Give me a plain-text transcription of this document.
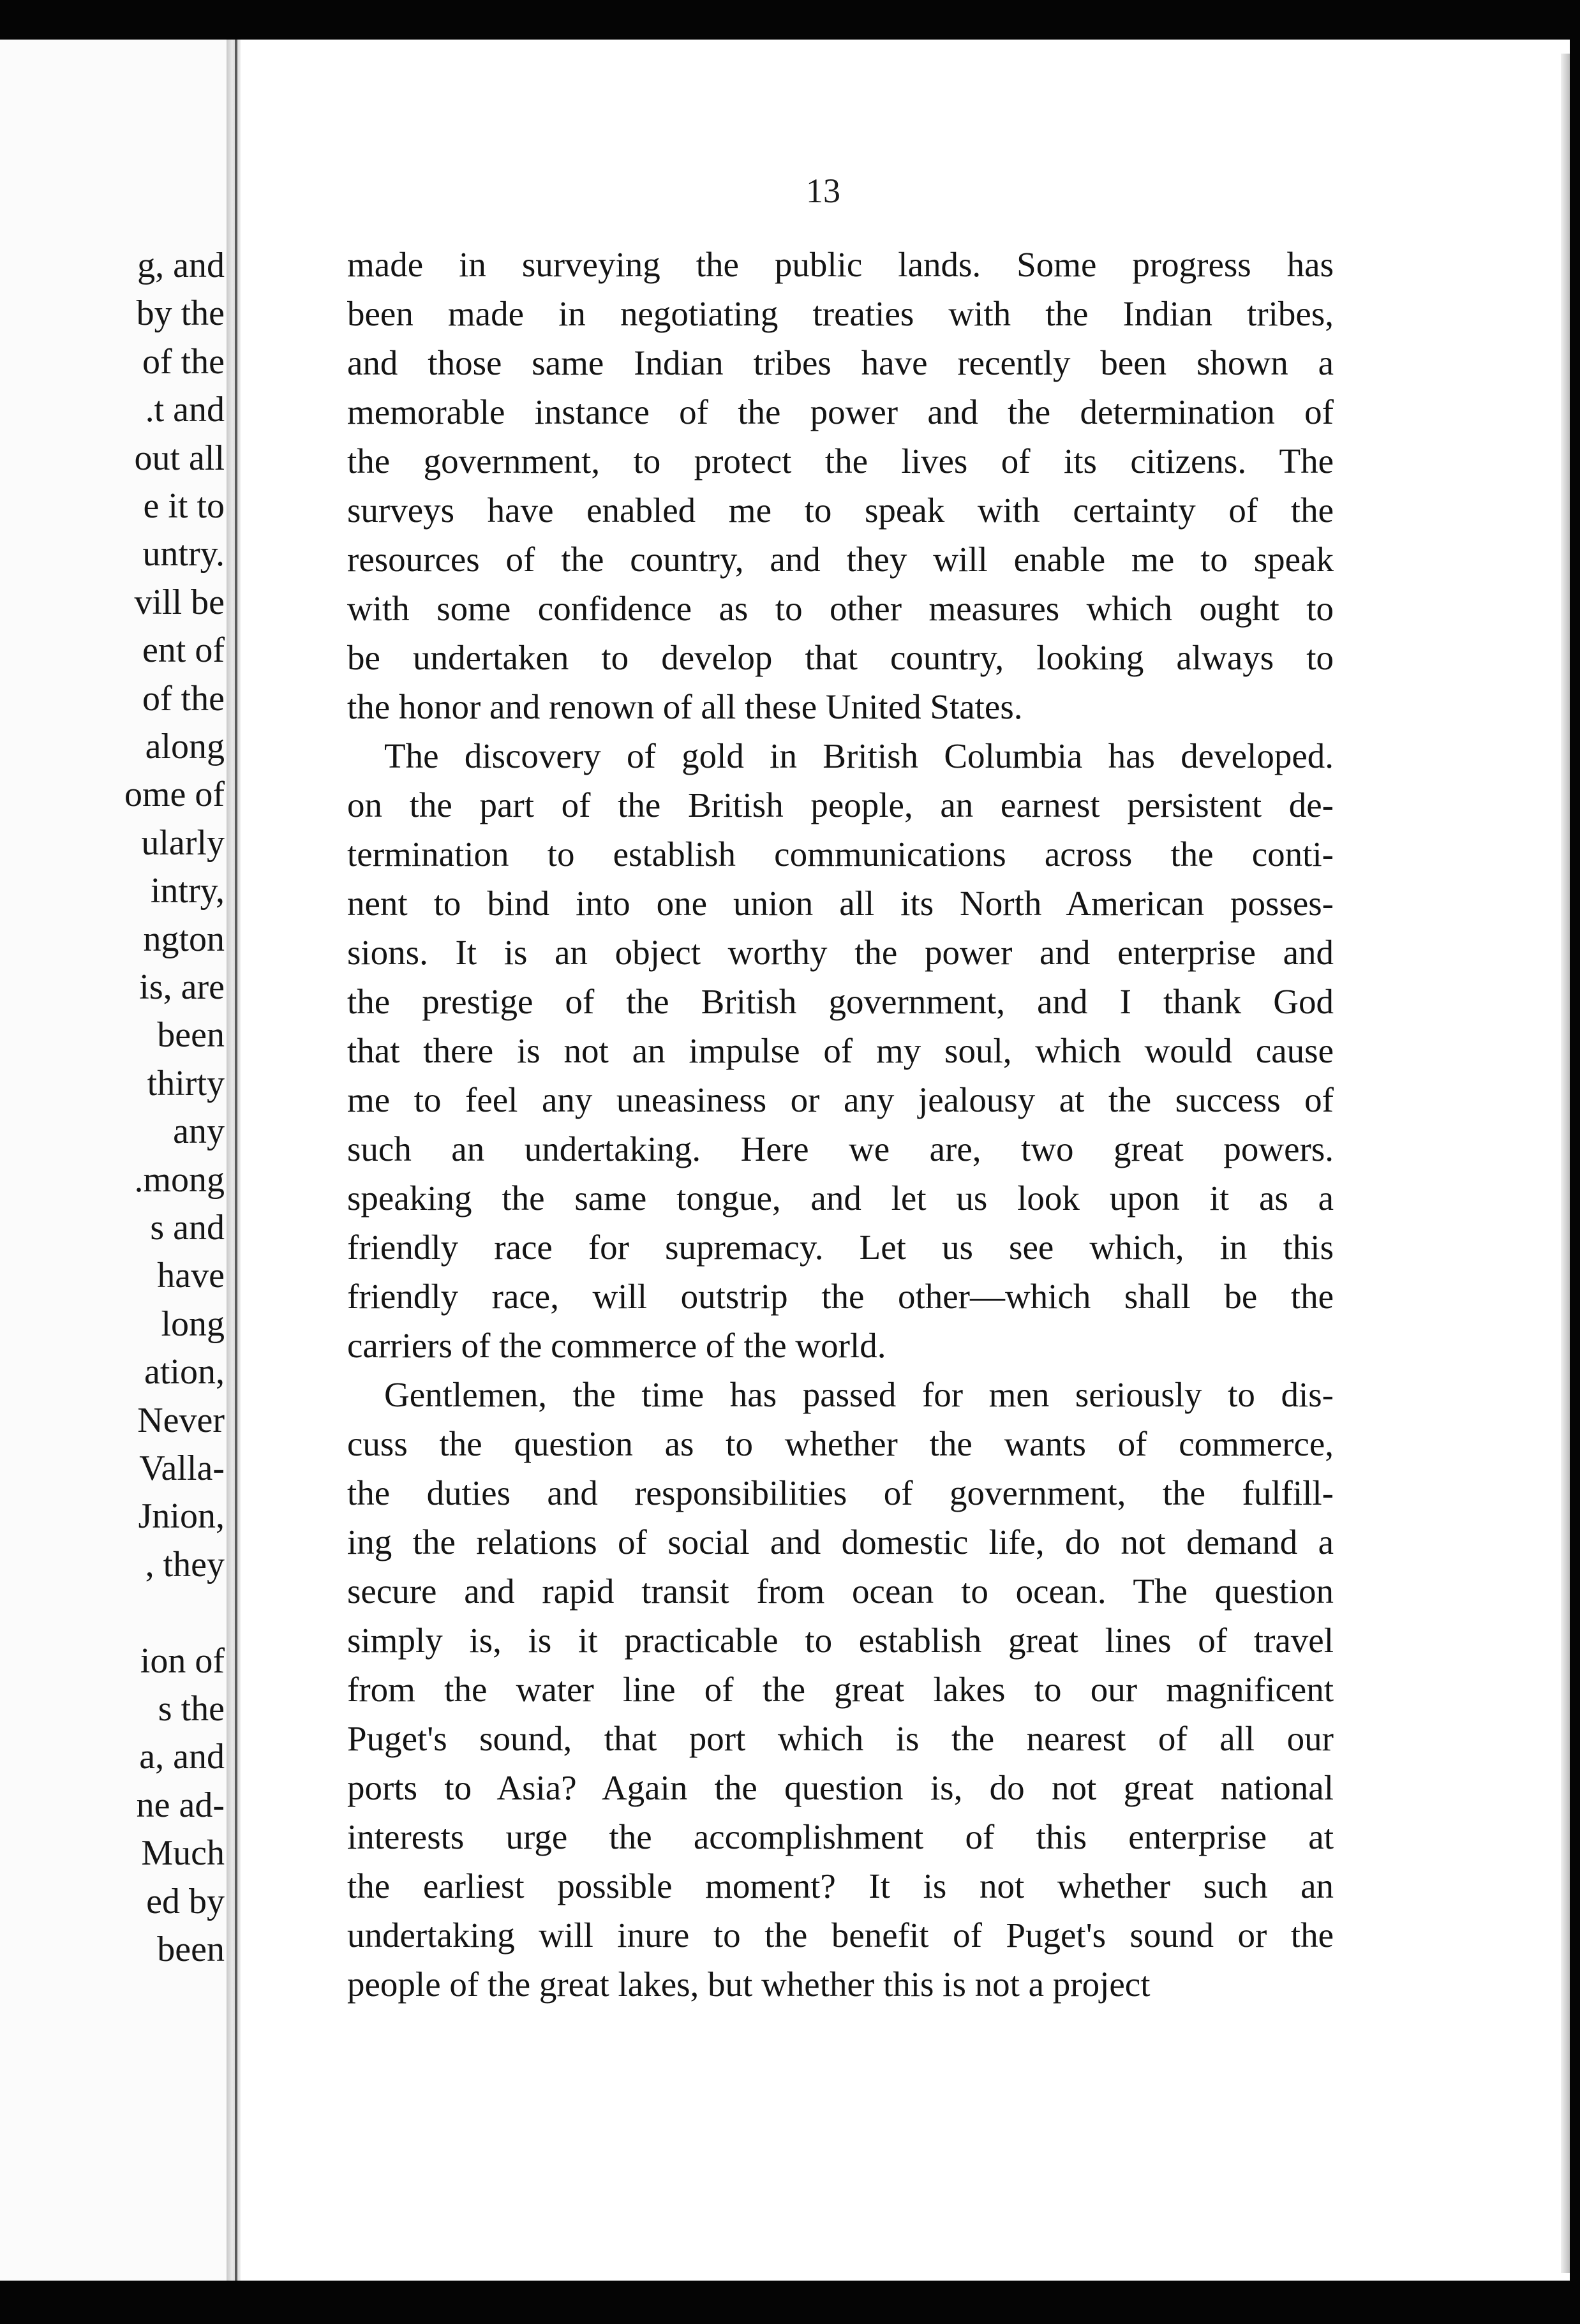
g, and
by the
of the
.t and
out all
e it to
untry.
vill be
ent of
of the
along
ome of
ularly
intry,
ngton
is, are
been
thirty
any
.mong
s and
have
long
ation,
Never
Valla-
Jnion,
, they
ion of
s the
a, and
ne ad-
Much
ed by
been
13
made in surveying the public lands. Some progress has
been made in negotiating treaties with the Indian tribes,
and those same Indian tribes have recently been shown a
memorable instance of the power and the determination of
the government, to protect the lives of its citizens. The
surveys have enabled me to speak with certainty of the
resources of the country, and they will enable me to speak
with some confidence as to other measures which ought to
be undertaken to develop that country, looking always to
the honor and renown of all these United States.
The discovery of gold in British Columbia has developed.
on the part of the British people, an earnest persistent de-
termination to establish communications across the conti-
nent to bind into one union all its North American posses-
sions. It is an object worthy the power and enterprise and
the prestige of the British government, and I thank God
that there is not an impulse of my soul, which would cause
me to feel any uneasiness or any jealousy at the success of
such an undertaking. Here we are, two great powers.
speaking the same tongue, and let us look upon it as a
friendly race for supremacy. Let us see which, in this
friendly race, will outstrip the other—which shall be the
carriers of the commerce of the world.
Gentlemen, the time has passed for men seriously to dis-
cuss the question as to whether the wants of commerce,
the duties and responsibilities of government, the fulfill-
ing the relations of social and domestic life, do not demand a
secure and rapid transit from ocean to ocean. The question
simply is, is it practicable to establish great lines of travel
from the water line of the great lakes to our magnificent
Puget's sound, that port which is the nearest of all our
ports to Asia? Again the question is, do not great national
interests urge the accomplishment of this enterprise at
the earliest possible moment? It is not whether such an
undertaking will inure to the benefit of Puget's sound or the
people of the great lakes, but whether this is not a project
